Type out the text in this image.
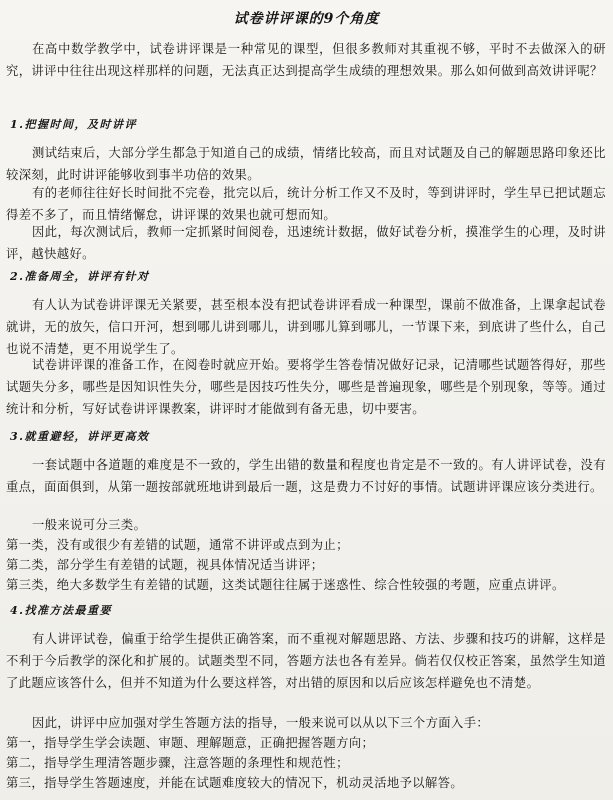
试卷讲评课的9个角度
在高中数学教学中，试卷讲评课是一种常见的课型，但很多教师对其重视不够，平时不去做深入的研究，讲评中往往出现这样那样的问题，无法真正达到提高学生成绩的理想效果。那么如何做到高效讲评呢？
1.把握时间，及时讲评
测试结束后，大部分学生都急于知道自己的成绩，情绪比较高，而且对试题及自己的解题思路印象还比较深刻，此时讲评能够收到事半功倍的效果。
有的老师往往好长时间批不完卷，批完以后，统计分析工作又不及时，等到讲评时，学生早已把试题忘得差不多了，而且情绪懈怠，讲评课的效果也就可想而知。
因此，每次测试后，教师一定抓紧时间阅卷，迅速统计数据，做好试卷分析，摸准学生的心理，及时讲评，越快越好。
2.准备周全，讲评有针对
有人认为试卷讲评课无关紧要，甚至根本没有把试卷讲评看成一种课型，课前不做准备，上课拿起试卷就讲，无的放矢，信口开河，想到哪儿讲到哪儿，讲到哪儿算到哪儿，一节课下来，到底讲了些什么，自己也说不清楚，更不用说学生了。
试卷讲评课的准备工作，在阅卷时就应开始。要将学生答卷情况做好记录，记清哪些试题答得好，那些试题失分多，哪些是因知识性失分，哪些是因技巧性失分，哪些是普遍现象，哪些是个别现象，等等。通过统计和分析，写好试卷讲评课教案，讲评时才能做到有备无患，切中要害。
3.就重避轻，讲评更高效
一套试题中各道题的难度是不一致的，学生出错的数量和程度也肯定是不一致的。有人讲评试卷，没有重点，面面俱到，从第一题按部就班地讲到最后一题，这是费力不讨好的事情。试题讲评课应该分类进行。
一般来说可分三类。
第一类，没有或很少有差错的试题，通常不讲评或点到为止；
第二类，部分学生有差错的试题，视具体情况适当讲评；
第三类，绝大多数学生有差错的试题，这类试题往往属于迷惑性、综合性较强的考题，应重点讲评。
4.找准方法最重要
有人讲评试卷，偏重于给学生提供正确答案，而不重视对解题思路、方法、步骤和技巧的讲解，这样是不利于今后教学的深化和扩展的。试题类型不同，答题方法也各有差异。倘若仅仅校正答案，虽然学生知道了此题应该答什么，但并不知道为什么要这样答，对出错的原因和以后应该怎样避免也不清楚。
因此，讲评中应加强对学生答题方法的指导，一般来说可以从以下三个方面入手：
第一，指导学生学会读题、审题、理解题意，正确把握答题方向；
第二，指导学生理清答题步骤，注意答题的条理性和规范性；
第三，指导学生答题速度，并能在试题难度较大的情况下，机动灵活地予以解答。
